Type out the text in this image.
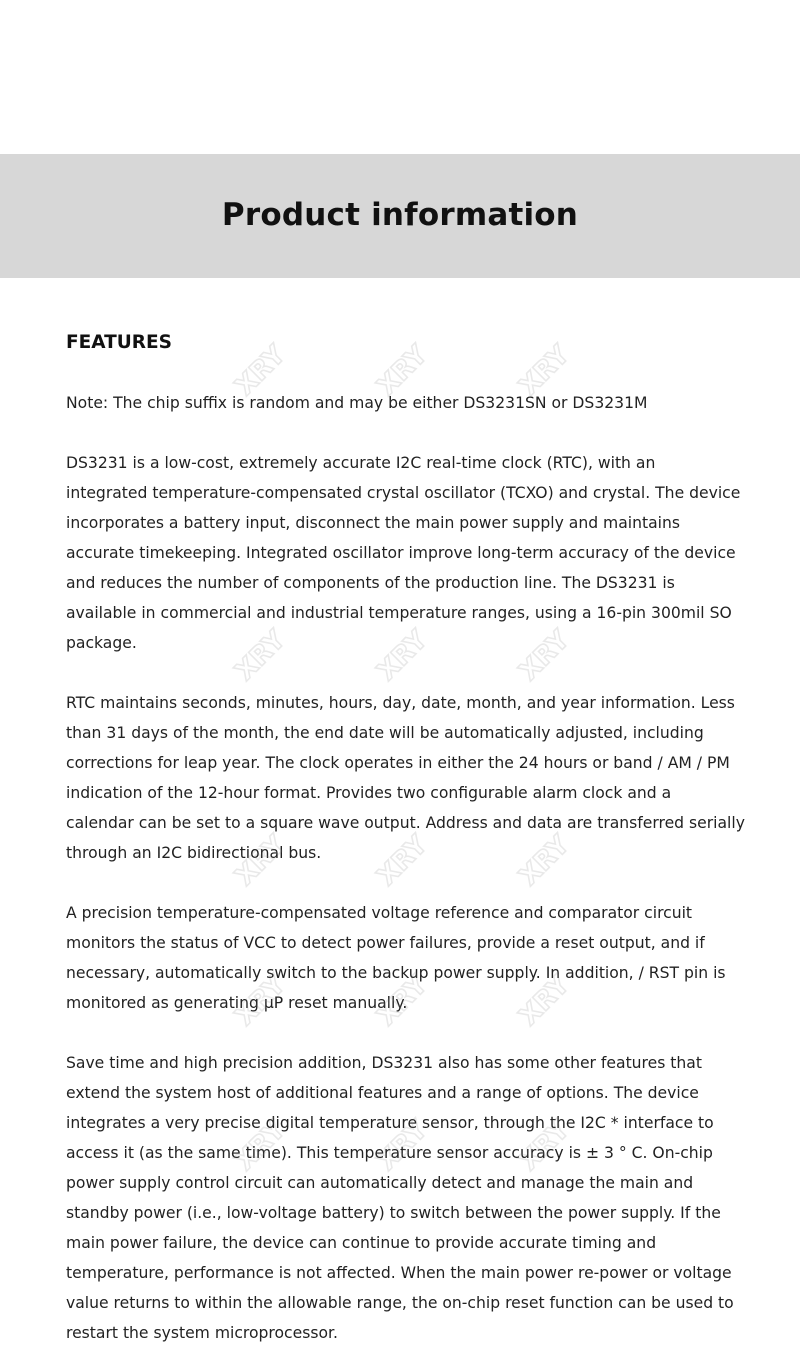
Product information
FEATURES

Note: The chip suffix is random and may be either DS3231SN or DS3231M

DS3231 is a low-cost, extremely accurate I2C real-time clock (RTC), with an
integrated temperature-compensated crystal oscillator (TCXO) and crystal. The device
incorporates a battery input, disconnect the main power supply and maintains
accurate timekeeping. Integrated oscillator improve long-term accuracy of the device
and reduces the number of components of the production line. The DS3231 is
available in commercial and industrial temperature ranges, using a 16-pin 300mil SO
package.

RTC maintains seconds, minutes, hours, day, date, month, and year information. Less
than 31 days of the month, the end date will be automatically adjusted, including
corrections for leap year. The clock operates in either the 24 hours or band / AM / PM
indication of the 12-hour format. Provides two configurable alarm clock and a
calendar can be set to a square wave output. Address and data are transferred serially
through an I2C bidirectional bus.

A precision temperature-compensated voltage reference and comparator circuit
monitors the status of VCC to detect power failures, provide a reset output, and if
necessary, automatically switch to the backup power supply. In addition, / RST pin is
monitored as generating µP reset manually.

Save time and high precision addition, DS3231 also has some other features that
extend the system host of additional features and a range of options. The device
integrates a very precise digital temperature sensor, through the I2C * interface to
access it (as the same time). This temperature sensor accuracy is ± 3 ° C. On-chip
power supply control circuit can automatically detect and manage the main and
standby power (i.e., low-voltage battery) to switch between the power supply. If the
main power failure, the device can continue to provide accurate timing and
temperature, performance is not affected. When the main power re-power or voltage
value returns to within the allowable range, the on-chip reset function can be used to
restart the system microprocessor.

XRY	XRY	XRY
XRY	XRY	XRY
XRY	XRY	XRY
XRY	XRY	XRY
XRY	XRY	XRY
